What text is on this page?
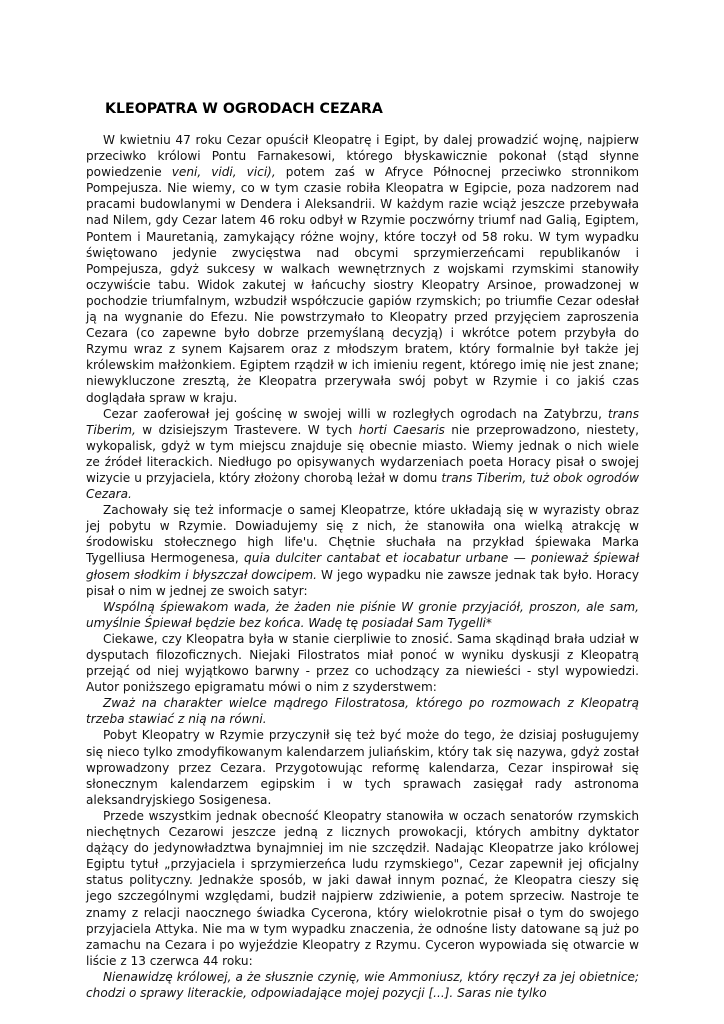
KLEOPATRA W OGRODACH CEZARA

W kwietniu 47 roku Cezar opuścił Kleopatrę i Egipt, by dalej prowadzić wojnę, najpierw przeciwko królowi Pontu Farnakesowi, którego błyskawicznie pokonał (stąd słynne powiedzenie veni, vidi, vici), potem zaś w Afryce Północnej przeciwko stronnikom Pompejusza. Nie wiemy, co w tym czasie robiła Kleopatra w Egipcie, poza nadzorem nad pracami budowlanymi w Dendera i Aleksandrii. W każdym razie wciąż jeszcze przebywała nad Nilem, gdy Cezar latem 46 roku odbył w Rzymie poczwórny triumf nad Galią, Egiptem, Pontem i Mauretanią, zamykający różne wojny, które toczył od 58 roku. W tym wypadku świętowano jedynie zwycięstwa nad obcymi sprzymierzeńcami republikanów i Pompejusza, gdyż sukcesy w walkach wewnętrznych z wojskami rzymskimi stanowiły oczywiście tabu. Widok zakutej w łańcuchy siostry Kleopatry Arsinoe, prowadzonej w pochodzie triumfalnym, wzbudził współczucie gapiów rzymskich; po triumfie Cezar odesłał ją na wygnanie do Efezu. Nie powstrzymało to Kleopatry przed przyjęciem zaproszenia Cezara (co zapewne było dobrze przemyślaną decyzją) i wkrótce potem przybyła do Rzymu wraz z synem Kajsarem oraz z młodszym bratem, który formalnie był także jej królewskim małżonkiem. Egiptem rządził w ich imieniu regent, którego imię nie jest znane; niewykluczone zresztą, że Kleopatra przerywała swój pobyt w Rzymie i co jakiś czas doglądała spraw w kraju.

Cezar zaoferował jej gościnę w swojej willi w rozległych ogrodach na Zatybrzu, trans Tiberim, w dzisiejszym Trastevere. W tych horti Caesaris nie przeprowadzono, niestety, wykopalisk, gdyż w tym miejscu znajduje się obecnie miasto. Wiemy jednak o nich wiele ze źródeł literackich. Niedługo po opisywanych wydarzeniach poeta Horacy pisał o swojej wizycie u przyjaciela, który złożony chorobą leżał w domu trans Tiberim, tuż obok ogrodów Cezara.

Zachowały się też informacje o samej Kleopatrze, które układają się w wyrazisty obraz jej pobytu w Rzymie. Dowiadujemy się z nich, że stanowiła ona wielką atrakcję w środowisku stołecznego high life'u. Chętnie słuchała na przykład śpiewaka Marka Tygelliusa Hermogenesa, quia dulciter cantabat et iocabatur urbane — ponieważ śpiewał głosem słodkim i błyszczał dowcipem. W jego wypadku nie zawsze jednak tak było. Horacy pisał o nim w jednej ze swoich satyr:

Wspólną śpiewakom wada, że żaden nie piśnie W gronie przyjaciół, proszon, ale sam, umyślnie Śpiewał będzie bez końca. Wadę tę posiadał Sam Tygelli*

Ciekawe, czy Kleopatra była w stanie cierpliwie to znosić. Sama skądinąd brała udział w dysputach filozoficznych. Niejaki Filostratos miał ponoć w wyniku dyskusji z Kleopatrą przejąć od niej wyjątkowo barwny - przez co uchodzący za niewieści - styl wypowiedzi. Autor poniższego epigramatu mówi o nim z szyderstwem:

Zważ na charakter wielce mądrego Filostratosa, którego po rozmowach z Kleopatrą trzeba stawiać z nią na równi.

Pobyt Kleopatry w Rzymie przyczynił się też być może do tego, że dzisiaj posługujemy się nieco tylko zmodyfikowanym kalendarzem juliańskim, który tak się nazywa, gdyż został wprowadzony przez Cezara. Przygotowując reformę kalendarza, Cezar inspirował się słonecznym kalendarzem egipskim i w tych sprawach zasięgał rady astronoma aleksandryjskiego Sosigenesa.

Przede wszystkim jednak obecność Kleopatry stanowiła w oczach senatorów rzymskich niechętnych Cezarowi jeszcze jedną z licznych prowokacji, których ambitny dyktator dążący do jedynowładztwa bynajmniej im nie szczędził. Nadając Kleopatrze jako królowej Egiptu tytuł „przyjaciela i sprzymierzeńca ludu rzymskiego", Cezar zapewnił jej oficjalny status polityczny. Jednakże sposób, w jaki dawał innym poznać, że Kleopatra cieszy się jego szczególnymi względami, budził najpierw zdziwienie, a potem sprzeciw. Nastroje te znamy z relacji naocznego świadka Cycerona, który wielokrotnie pisał o tym do swojego przyjaciela Attyka. Nie ma w tym wypadku znaczenia, że odnośne listy datowane są już po zamachu na Cezara i po wyjeździe Kleopatry z Rzymu. Cyceron wypowiada się otwarcie w liście z 13 czerwca 44 roku:

Nienawidzę królowej, a że słusznie czynię, wie Ammoniusz, który ręczył za jej obietnice; chodzi o sprawy literackie, odpowiadające mojej pozycji [...]. Saras nie tylko
